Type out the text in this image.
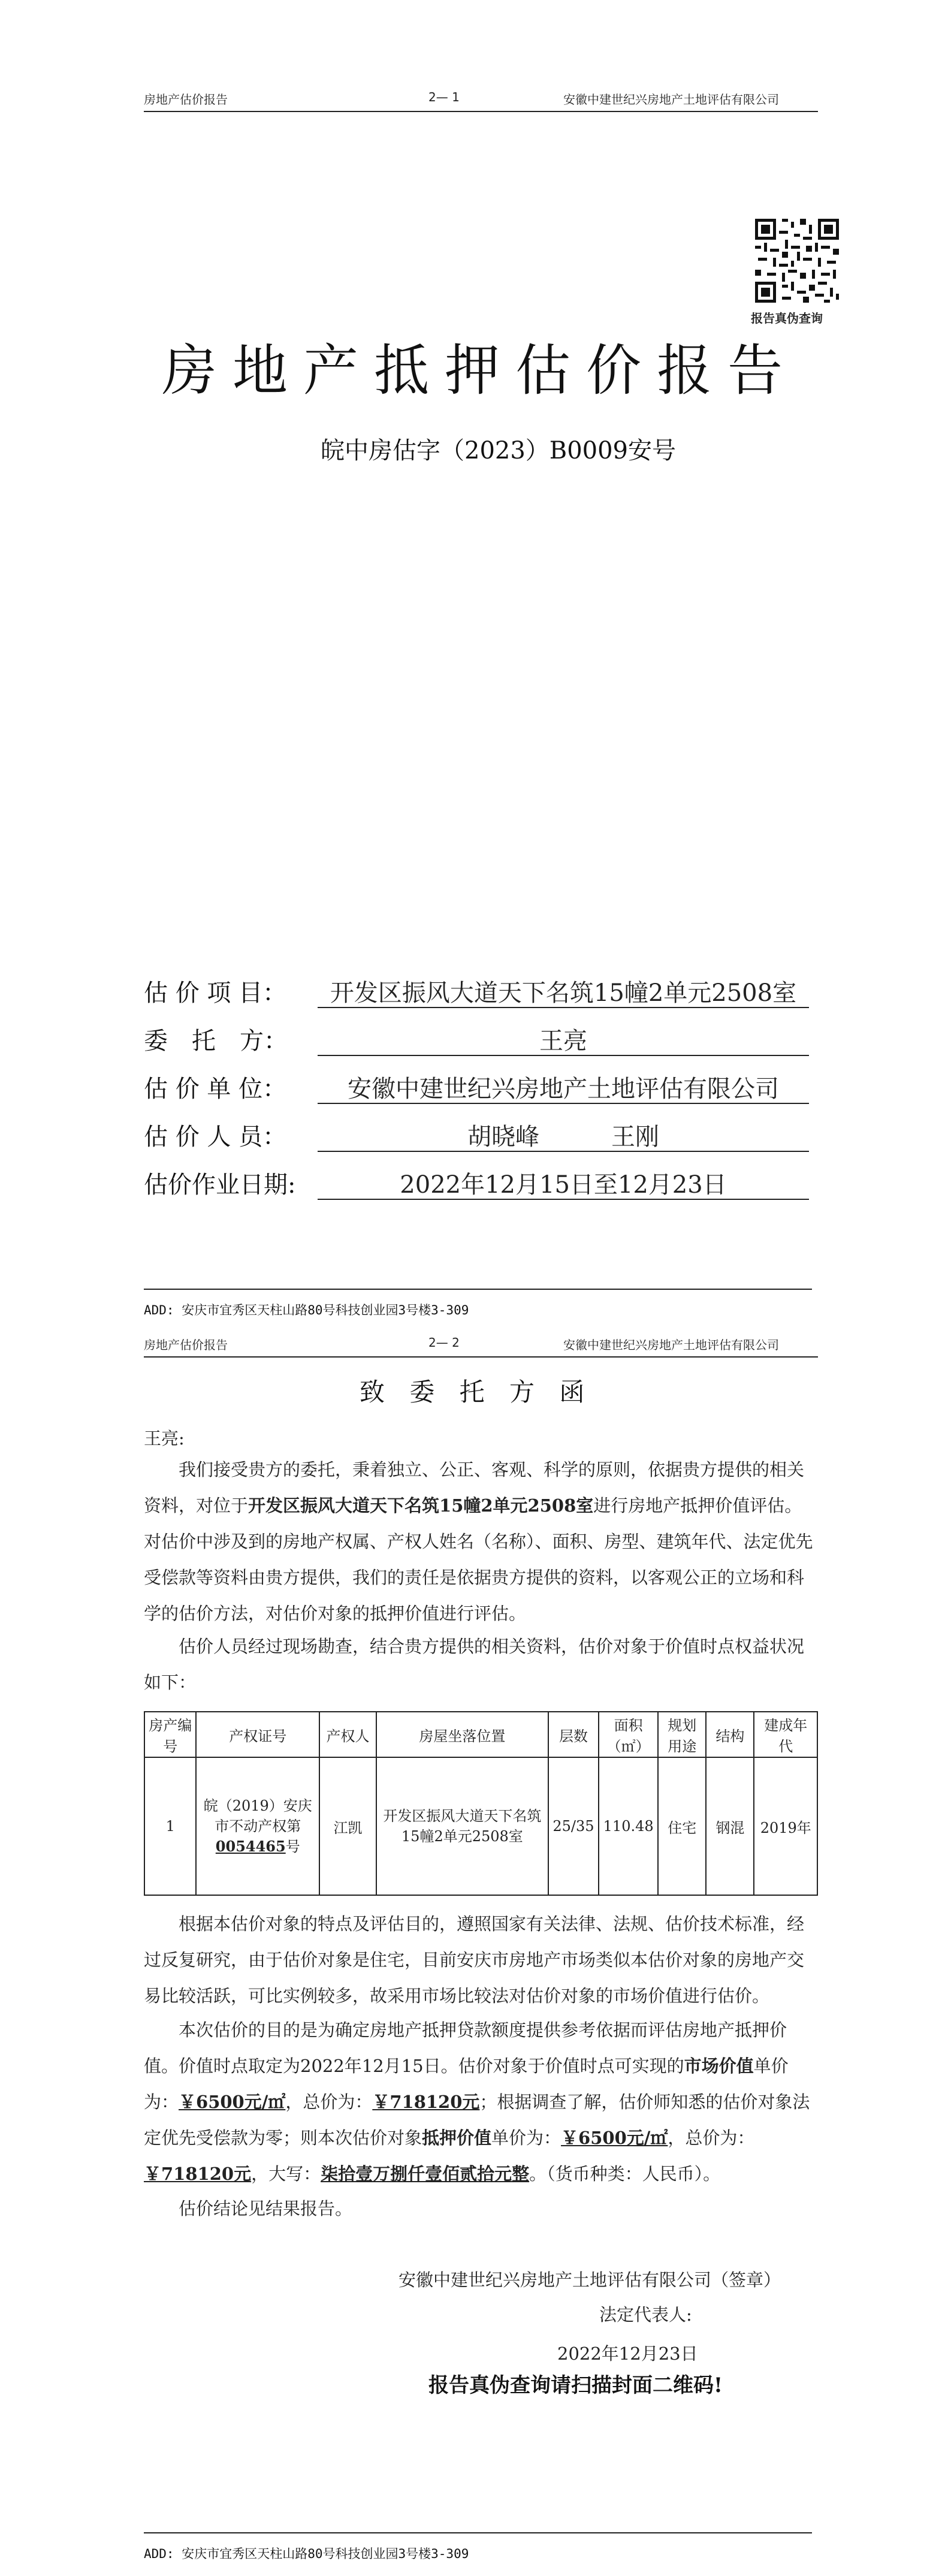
房地产估价报告	2— 1	安徽中建世纪兴房地产土地评估有限公司
报告真伪查询
房地产抵押估价报告
皖中房估字（2023）B0009安号
估 价 项 目：	开发区振风大道天下名筑15幢2单元2508室
委　托　方：	王亮
估 价 单 位：	安徽中建世纪兴房地产土地评估有限公司
估 价 人 员：	胡晓峰　　　王刚
估价作业日期:	2022年12月15日至12月23日
ADD: 安庆市宜秀区天柱山路80号科技创业园3号楼3-309
房地产估价报告	2— 2	安徽中建世纪兴房地产土地评估有限公司
致 委 托 方 函
王亮:
我们接受贵方的委托，秉着独立、公正、客观、科学的原则，依据贵方提供的相关资料，对位于开发区振风大道天下名筑15幢2单元2508室进行房地产抵押价值评估。对估价中涉及到的房地产权属、产权人姓名（名称）、面积、房型、建筑年代、法定优先受偿款等资料由贵方提供，我们的责任是依据贵方提供的资料，以客观公正的立场和科学的估价方法，对估价对象的抵押价值进行评估。
估价人员经过现场勘查，结合贵方提供的相关资料，估价对象于价值时点权益状况如下：
房产编号	产权证号	产权人	房屋坐落位置	层数	面积（㎡）	规划用途	结构	建成年代
1	皖（2019）安庆市不动产权第0054465号	江凯	开发区振风大道天下名筑15幢2单元2508室	25/35	110.48	住宅	钢混	2019年
根据本估价对象的特点及评估目的，遵照国家有关法律、法规、估价技术标准，经过反复研究，由于估价对象是住宅，目前安庆市房地产市场类似本估价对象的房地产交易比较活跃，可比实例较多，故采用市场比较法对估价对象的市场价值进行估价。
本次估价的目的是为确定房地产抵押贷款额度提供参考依据而评估房地产抵押价值。价值时点取定为2022年12月15日。估价对象于价值时点可实现的市场价值单价为：￥6500元/㎡，总价为：￥718120元；根据调查了解，估价师知悉的估价对象法定优先受偿款为零；则本次估价对象抵押价值单价为：￥6500元/㎡，总价为：￥718120元，大写：柒拾壹万捌仟壹佰贰拾元整。（货币种类：人民币）。
估价结论见结果报告。
安徽中建世纪兴房地产土地评估有限公司（签章）
法定代表人:
2022年12月23日
报告真伪查询请扫描封面二维码!
ADD: 安庆市宜秀区天柱山路80号科技创业园3号楼3-309
